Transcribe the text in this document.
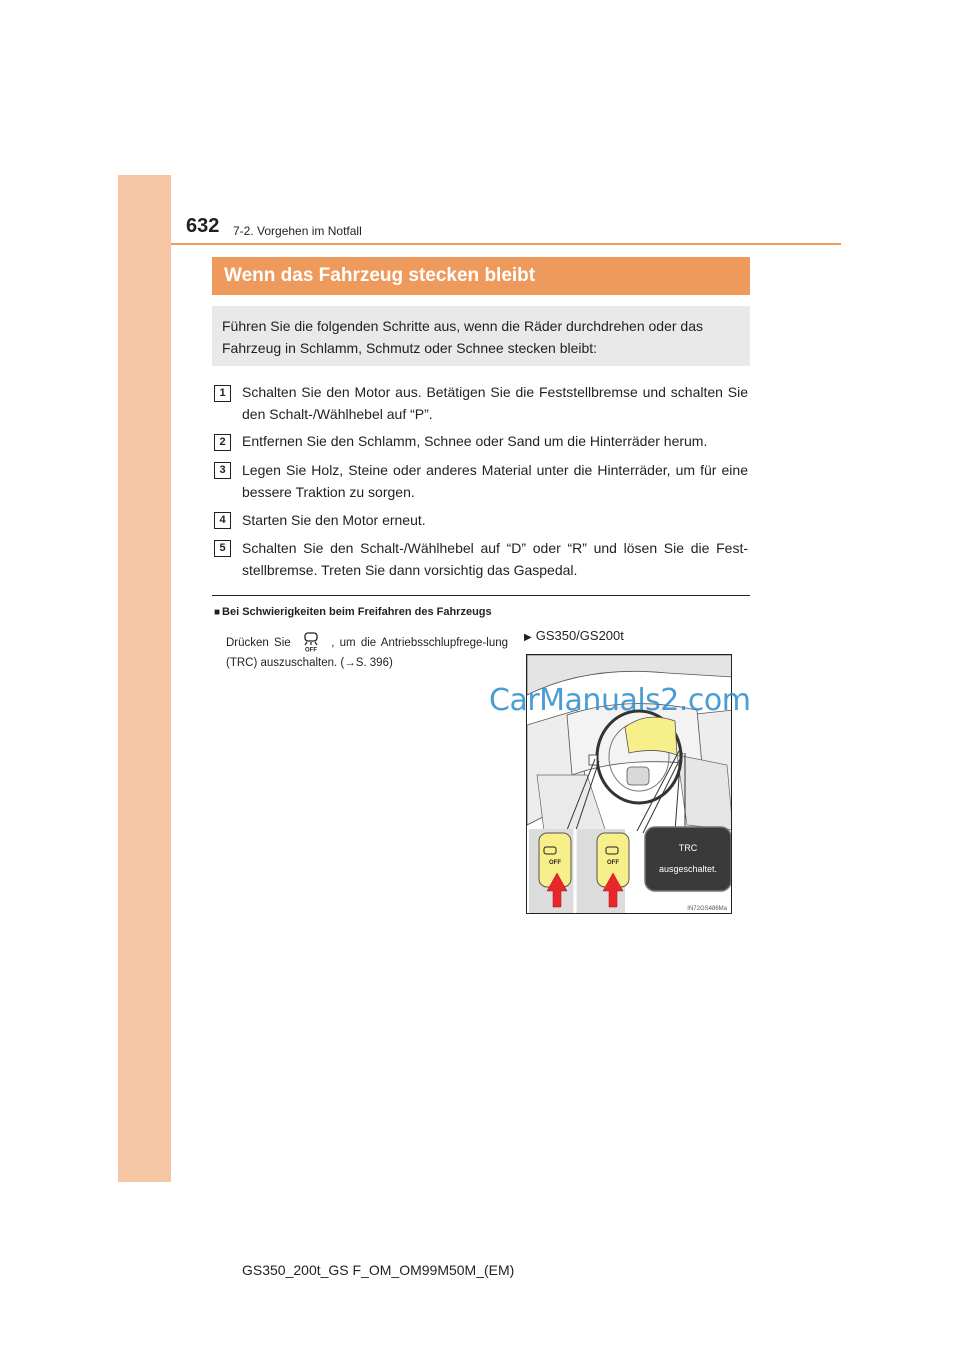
632 7-2. Vorgehen im Notfall
Wenn das Fahrzeug stecken bleibt
Führen Sie die folgenden Schritte aus, wenn die Räder durchdrehen oder das Fahrzeug in Schlamm, Schmutz oder Schnee stecken bleibt:
1	Schalten Sie den Motor aus. Betätigen Sie die Feststellbremse und schalten Sie den Schalt-/Wählhebel auf “P”.
2	Entfernen Sie den Schlamm, Schnee oder Sand um die Hinterräder herum.
3	Legen Sie Holz, Steine oder anderes Material unter die Hinterräder, um für eine bessere Traktion zu sorgen.
4	Starten Sie den Motor erneut.
5	Schalten Sie den Schalt-/Wählhebel auf “D” oder “R” und lösen Sie die Fest-stellbremse. Treten Sie dann vorsichtig das Gaspedal.
■ Bei Schwierigkeiten beim Freifahren des Fahrzeugs
Drücken Sie
OFF
, um die Antriebsschlupfrege-lung (TRC) auszuschalten. (→S. 396)
▶ GS350/GS200t
TRC
ausgeschaltet.
OFF	OFF
IN72GS486Ma
CarManuals2.com
GS350_200t_GS F_OM_OM99M50M_(EM)
